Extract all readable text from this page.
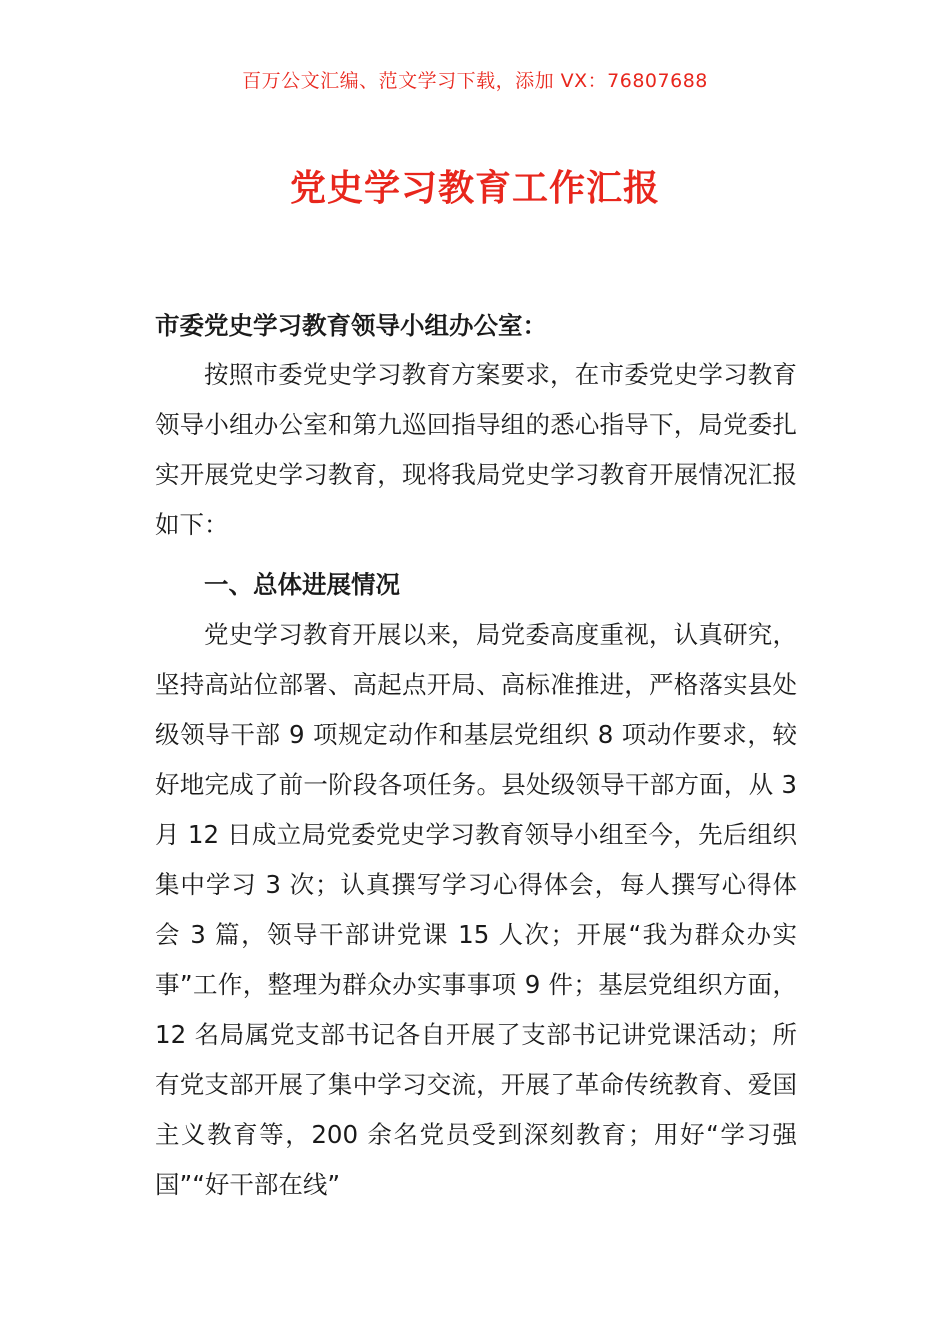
百万公文汇编、范文学习下载，添加 VX：76807688
党史学习教育工作汇报

市委党史学习教育领导小组办公室：

按照市委党史学习教育方案要求，在市委党史学习教育领导小组办公室和第九巡回指导组的悉心指导下，局党委扎实开展党史学习教育，现将我局党史学习教育开展情况汇报如下：

一、总体进展情况

党史学习教育开展以来，局党委高度重视，认真研究，坚持高站位部署、高起点开局、高标准推进，严格落实县处级领导干部 9 项规定动作和基层党组织 8 项动作要求，较好地完成了前一阶段各项任务。县处级领导干部方面，从 3 月 12 日成立局党委党史学习教育领导小组至今，先后组织集中学习 3 次；认真撰写学习心得体会，每人撰写心得体会 3 篇，领导干部讲党课 15 人次；开展“我为群众办实事”工作，整理为群众办实事事项 9 件；基层党组织方面，12 名局属党支部书记各自开展了支部书记讲党课活动；所有党支部开展了集中学习交流，开展了革命传统教育、爱国主义教育等，200 余名党员受到深刻教育；用好“学习强国”“好干部在线”
